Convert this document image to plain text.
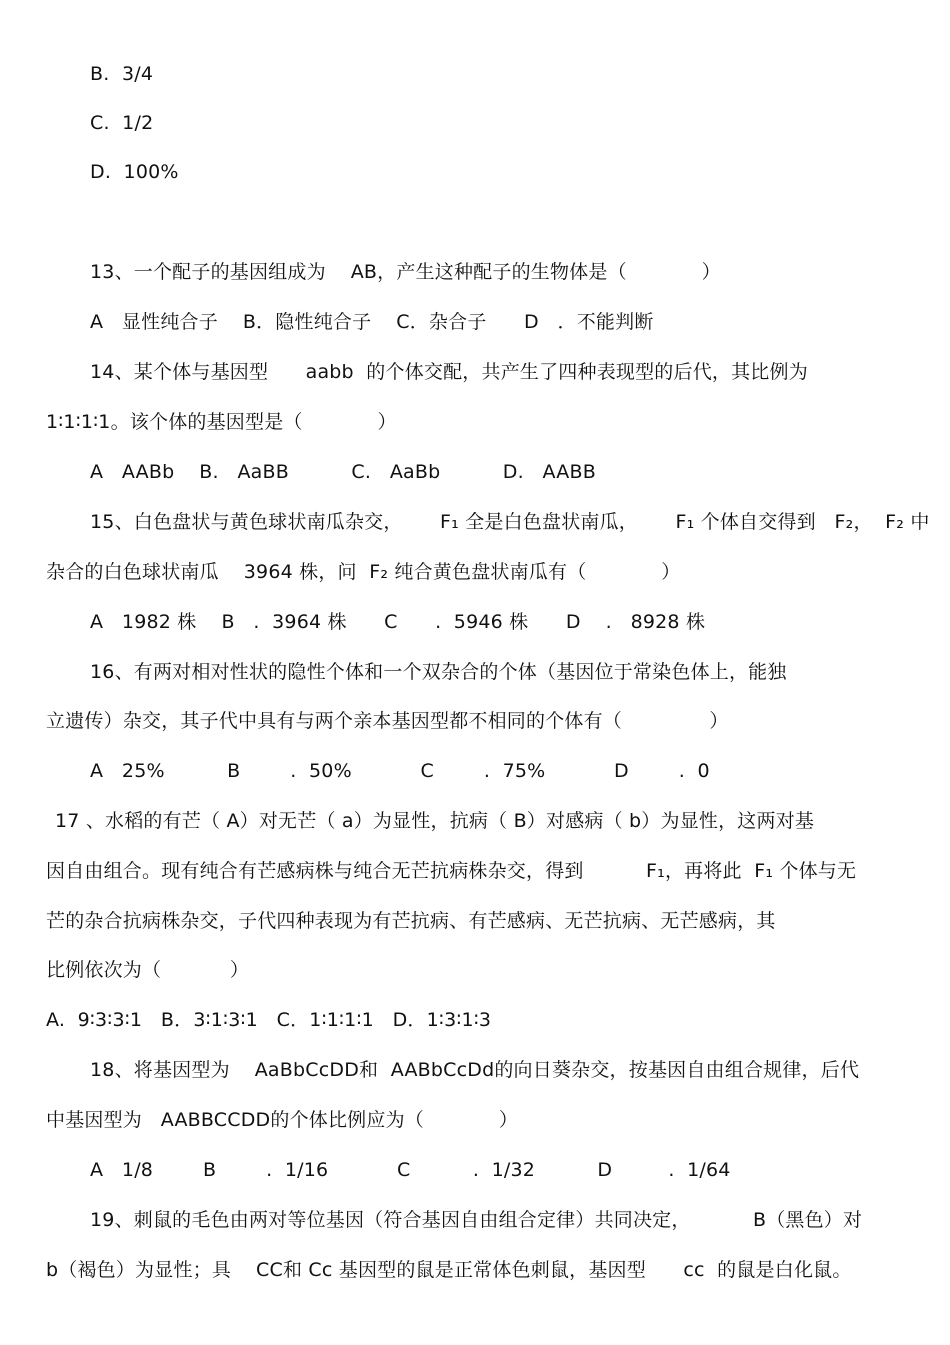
B.  3/4
C.  1/2
D.  100%
13、一个配子的基因组成为    AB，产生这种配子的生物体是（            ）
A   显性纯合子    B．隐性纯合子    C．杂合子      D   ．不能判断
14、某个体与基因型      aabb  的个体交配，共产生了四种表现型的后代，其比例为
1∶1∶1∶1。该个体的基因型是（            ）
A   AABb    B.   AaBB          C.   AaBb          D.   AABB
15、白色盘状与黄色球状南瓜杂交，      F₁ 全是白色盘状南瓜，      F₁ 个体自交得到   F₂，  F₂ 中
杂合的白色球状南瓜    3964 株，问  F₂ 纯合黄色盘状南瓜有（            ）
A   1982 株    B   .  3964 株      C      .  5946 株      D    .   8928 株
16、有两对相对性状的隐性个体和一个双杂合的个体（基因位于常染色体上，能独
立遗传）杂交，其子代中具有与两个亲本基因型都不相同的个体有（              ）
A   25%          B        .  50%           C        .  75%           D        .  0
17 、水稻的有芒（ A）对无芒（ a）为显性，抗病（ B）对感病（ b）为显性，这两对基
因自由组合。现有纯合有芒感病株与纯合无芒抗病株杂交，得到          F₁，再将此  F₁ 个体与无
芒的杂合抗病株杂交，子代四种表现为有芒抗病、有芒感病、无芒抗病、无芒感病，其
比例依次为（           ）
A.  9∶3∶3∶1   B．3∶1∶3∶1   C．1∶1∶1∶1   D．1∶3∶1∶3
18、将基因型为    AaBbCcDD和  AABbCcDd的向日葵杂交，按基因自由组合规律，后代
中基因型为   AABBCCDD的个体比例应为（            ）
A   1/8        B        .  1/16           C          .  1/32          D         .  1/64
19、刺鼠的毛色由两对等位基因（符合基因自由组合定律）共同决定，          B（黑色）对
b（褐色）为显性；具    CC和 Cc 基因型的鼠是正常体色刺鼠，基因型      cc  的鼠是白化鼠。
